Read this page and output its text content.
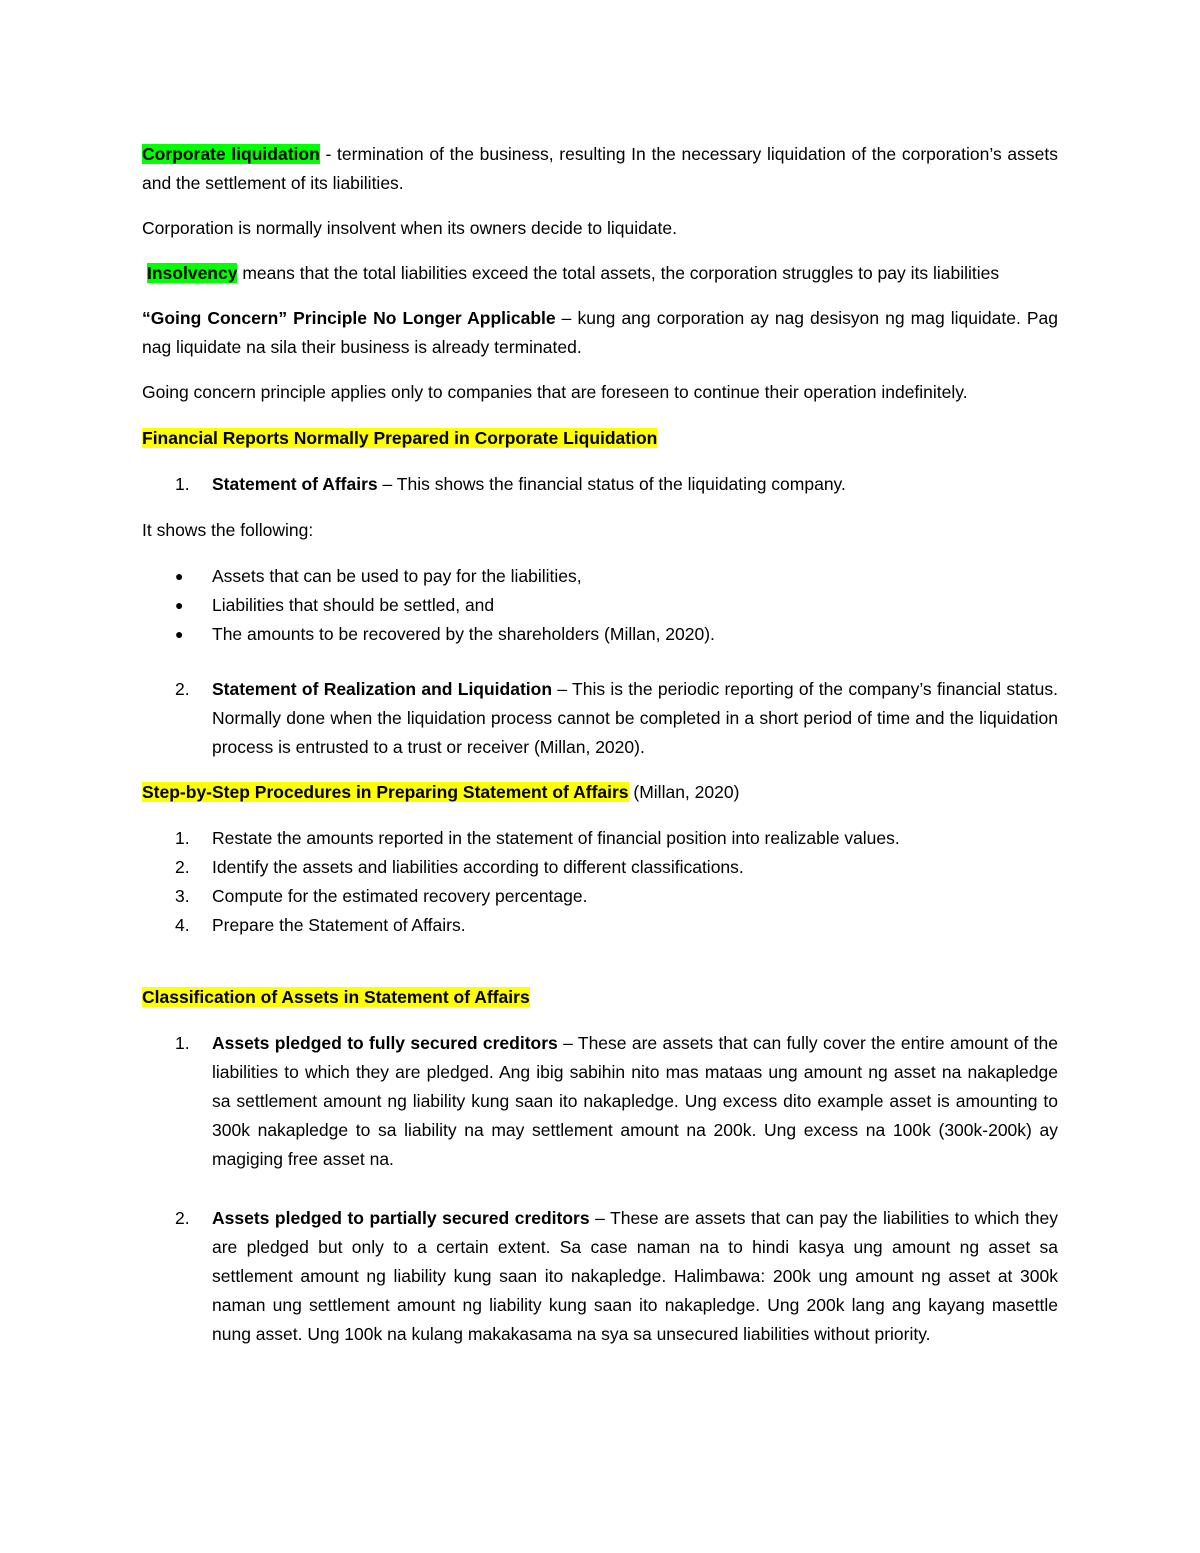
Corporate liquidation - termination of the business, resulting In the necessary liquidation of the corporation’s assets and the settlement of its liabilities.

Corporation is normally insolvent when its owners decide to liquidate.

Insolvency means that the total liabilities exceed the total assets, the corporation struggles to pay its liabilities

“Going Concern” Principle No Longer Applicable – kung ang corporation ay nag desisyon ng mag liquidate. Pag nag liquidate na sila their business is already terminated.

Going concern principle applies only to companies that are foreseen to continue their operation indefinitely.

Financial Reports Normally Prepared in Corporate Liquidation

1. Statement of Affairs – This shows the financial status of the liquidating company.

It shows the following:

●
Assets that can be used to pay for the liabilities,
●
Liabilities that should be settled, and
●
The amounts to be recovered by the shareholders (Millan, 2020).
2. Statement of Realization and Liquidation – This is the periodic reporting of the company’s financial status. Normally done when the liquidation process cannot be completed in a short period of time and the liquidation process is entrusted to a trust or receiver (Millan, 2020).

Step-by-Step Procedures in Preparing Statement of Affairs (Millan, 2020)

1. Restate the amounts reported in the statement of financial position into realizable values.
2. Identify the assets and liabilities according to different classifications.
3. Compute for the estimated recovery percentage.
4. Prepare the Statement of Affairs.

Classification of Assets in Statement of Affairs

1. Assets pledged to fully secured creditors – These are assets that can fully cover the entire amount of the liabilities to which they are pledged. Ang ibig sabihin nito mas mataas ung amount ng asset na nakapledge sa settlement amount ng liability kung saan ito nakapledge. Ung excess dito example asset is amounting to 300k nakapledge to sa liability na may settlement amount na 200k. Ung excess na 100k (300k-200k) ay magiging free asset na.
2. Assets pledged to partially secured creditors – These are assets that can pay the liabilities to which they are pledged but only to a certain extent. Sa case naman na to hindi kasya ung amount ng asset sa settlement amount ng liability kung saan ito nakapledge. Halimbawa: 200k ung amount ng asset at 300k naman ung settlement amount ng liability kung saan ito nakapledge. Ung 200k lang ang kayang masettle nung asset. Ung 100k na kulang makakasama na sya sa unsecured liabilities without priority.
